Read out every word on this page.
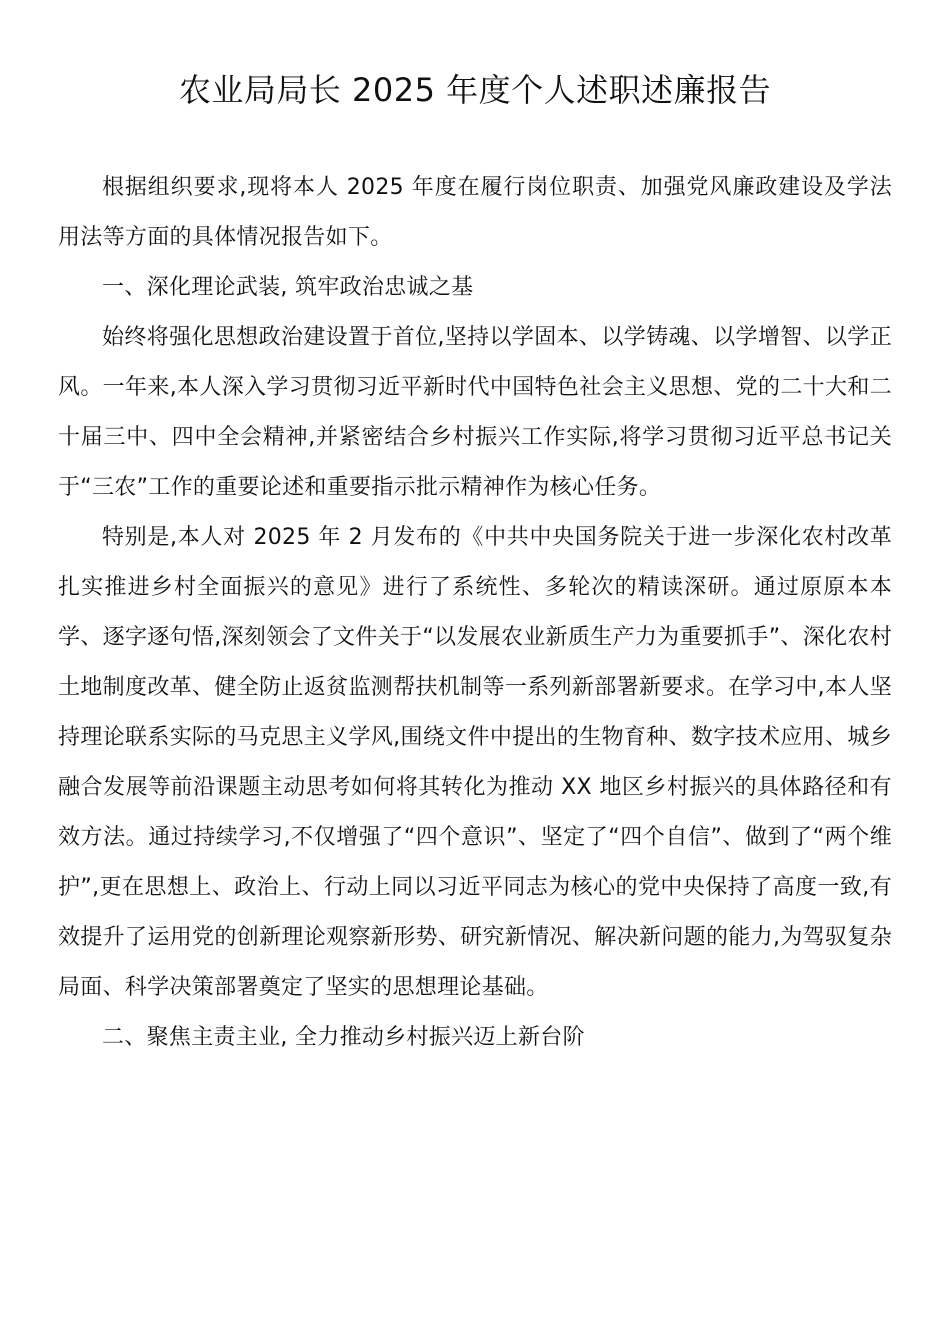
农业局局长 2025 年度个人述职述廉报告

根据组织要求,现将本人 2025 年度在履行岗位职责、加强党风廉政建设及学法用法等方面的具体情况报告如下。

一、深化理论武装, 筑牢政治忠诚之基

始终将强化思想政治建设置于首位,坚持以学固本、以学铸魂、以学增智、以学正风。一年来,本人深入学习贯彻习近平新时代中国特色社会主义思想、党的二十大和二十届三中、四中全会精神,并紧密结合乡村振兴工作实际,将学习贯彻习近平总书记关于“三农”工作的重要论述和重要指示批示精神作为核心任务。

特别是,本人对 2025 年 2 月发布的《中共中央国务院关于进一步深化农村改革扎实推进乡村全面振兴的意见》进行了系统性、多轮次的精读深研。通过原原本本学、逐字逐句悟,深刻领会了文件关于“以发展农业新质生产力为重要抓手”、深化农村土地制度改革、健全防止返贫监测帮扶机制等一系列新部署新要求。在学习中,本人坚持理论联系实际的马克思主义学风,围绕文件中提出的生物育种、数字技术应用、城乡融合发展等前沿课题主动思考如何将其转化为推动 XX 地区乡村振兴的具体路径和有效方法。通过持续学习,不仅增强了“四个意识”、坚定了“四个自信”、做到了“两个维护”,更在思想上、政治上、行动上同以习近平同志为核心的党中央保持了高度一致,有效提升了运用党的创新理论观察新形势、研究新情况、解决新问题的能力,为驾驭复杂局面、科学决策部署奠定了坚实的思想理论基础。

二、聚焦主责主业, 全力推动乡村振兴迈上新台阶
